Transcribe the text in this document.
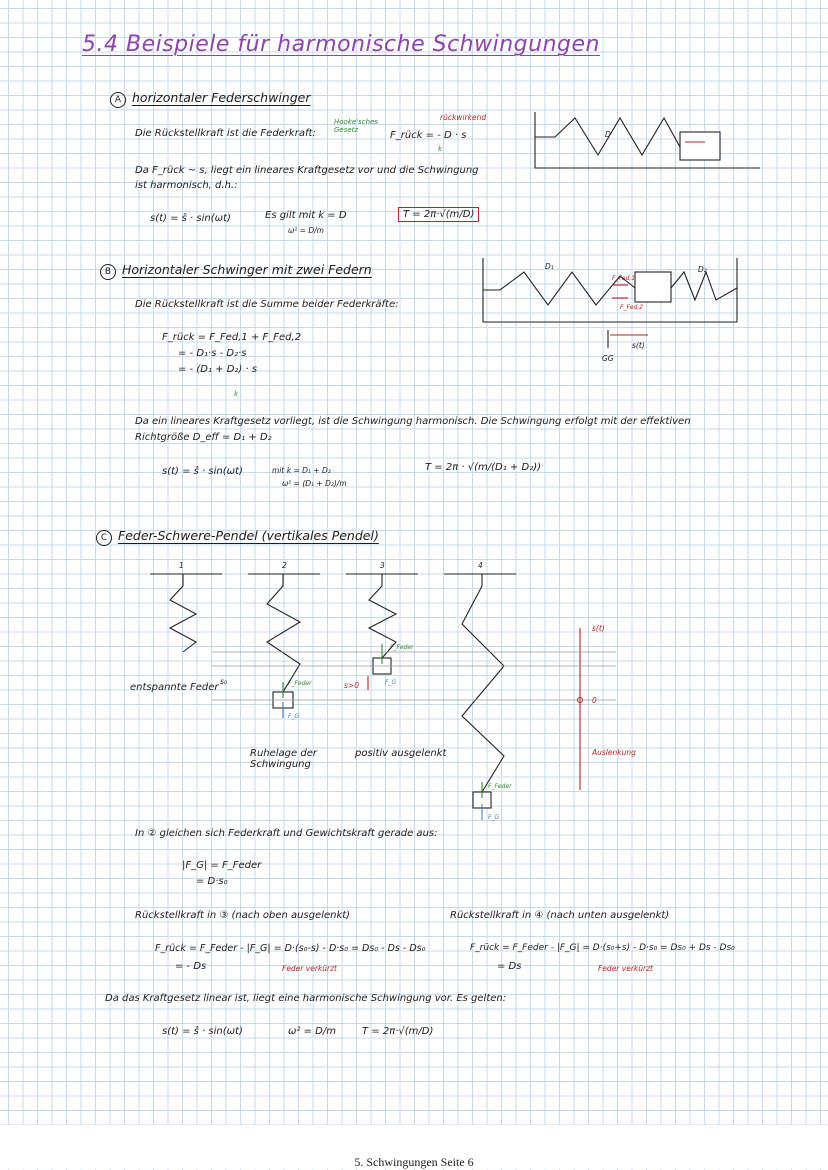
5.4 Beispiele für harmonische Schwingungen
A horizontaler Federschwinger
Die Rückstellkraft ist die Federkraft:
Hooke'sches Gesetz
rückwirkend
F_rück = - D · s
k
Da F_rück ~ s, liegt ein lineares Kraftgesetz vor und die Schwingung
ist harmonisch, d.h.:
s(t) = ŝ · sin(ωt)	Es gilt mit k = D
ω² = D/m
T = 2π·√(m/D)
D
B Horizontaler Schwinger mit zwei Federn
Die Rückstellkraft ist die Summe beider Federkräfte:
F_rück = F_Fed,1 + F_Fed,2
= - D₁·s - D₂·s
= - (D₁ + D₂) · s
k
Da ein lineares Kraftgesetz vorliegt, ist die Schwingung harmonisch. Die Schwingung erfolgt mit der effektiven
Richtgröße D_eff = D₁ + D₂
s(t) = ŝ · sin(ωt)	mit k = D₁ + D₂
ω² = (D₁ + D₂)/m
T = 2π · √(m/(D₁ + D₂))
D₁	D₂
F_Fed,1
F_Fed,2
GG
s(t)
C Feder-Schwere-Pendel (vertikales Pendel)
1	2	3	4
entspannte Feder
s₀
Ruhelage der Schwingung
positiv ausgelenkt	Auslenkung
s(t)
0
s>0
F_Feder
F_Feder
F_Feder
F_G
F_G
F_G
In ② gleichen sich Federkraft und Gewichtskraft gerade aus:
|F_G| = F_Feder
= D·s₀
Rückstellkraft in ③ (nach oben ausgelenkt)
F_rück = F_Feder - |F_G| = D·(s₀-s) - D·s₀ = Ds₀ - Ds - Ds₀
= - Ds	Feder verkürzt
Rückstellkraft in ④ (nach unten ausgelenkt)
F_rück = F_Feder - |F_G| = D·(s₀+s) - D·s₀ = Ds₀ + Ds - Ds₀
= Ds	Feder verkürzt
Da das Kraftgesetz linear ist, liegt eine harmonische Schwingung vor. Es gelten:
s(t) = ŝ · sin(ωt)	ω² = D/m	T = 2π·√(m/D)
5. Schwingungen Seite 6
